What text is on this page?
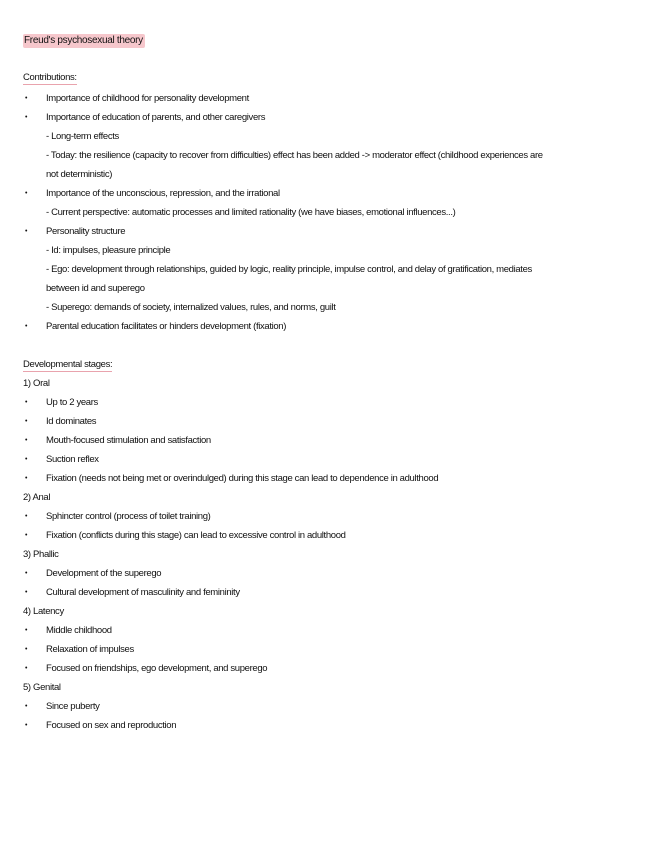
Freud's psychosexual theory
Contributions:
• Importance of childhood for personality development
• Importance of education of parents, and other caregivers
- Long-term effects
- Today: the resilience (capacity to recover from difficulties) effect has been added -> moderator effect (childhood experiences are
not deterministic)
• Importance of the unconscious, repression, and the irrational
- Current perspective: automatic processes and limited rationality (we have biases, emotional influences...)
• Personality structure
- Id: impulses, pleasure principle
- Ego: development through relationships, guided by logic, reality principle, impulse control, and delay of gratification, mediates
between id and superego
- Superego: demands of society, internalized values, rules, and norms, guilt
• Parental education facilitates or hinders development (fixation)
Developmental stages:
1) Oral
• Up to 2 years
• Id dominates
• Mouth-focused stimulation and satisfaction
• Suction reflex
• Fixation (needs not being met or overindulged) during this stage can lead to dependence in adulthood
2) Anal
• Sphincter control (process of toilet training)
• Fixation (conflicts during this stage) can lead to excessive control in adulthood
3) Phallic
• Development of the superego
• Cultural development of masculinity and femininity
4) Latency
• Middle childhood
• Relaxation of impulses
• Focused on friendships, ego development, and superego
5) Genital
• Since puberty
• Focused on sex and reproduction
